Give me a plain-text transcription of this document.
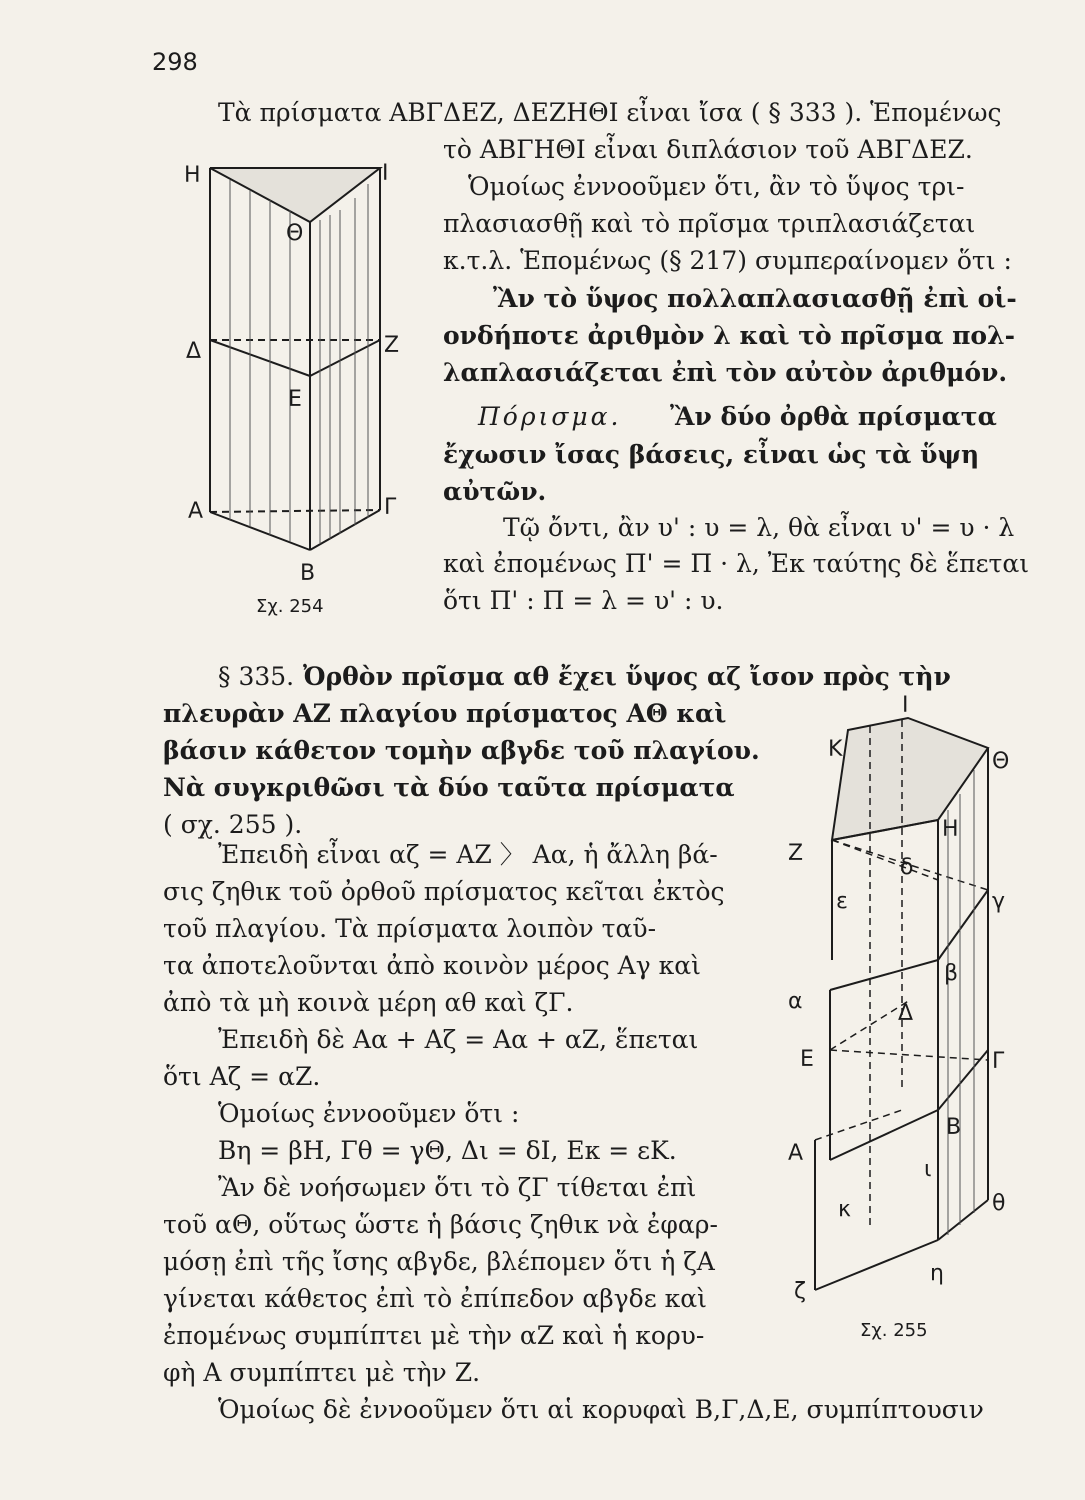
298
Τὰ πρίσματα ΑΒΓΔΕΖ, ΔΕΖΗΘΙ εἶναι ἴσα ( § 333 ). Ἑπομένως
τὸ ΑΒΓΗΘΙ εἶναι διπλάσιον τοῦ ΑΒΓΔΕΖ.
Ὁμοίως ἐννοοῦμεν ὅτι, ἂν τὸ ὕψος τρι-
πλασιασθῇ καὶ τὸ πρῖσμα τριπλασιάζεται
κ.τ.λ. Ἑπομένως (§ 217) συμπεραίνομεν ὅτι :
Ἂν τὸ ὕψος πολλαπλασιασθῇ ἐπὶ οἱ-
ονδήποτε ἀριθμὸν λ καὶ τὸ πρῖσμα πολ-
λαπλασιάζεται ἐπὶ τὸν αὐτὸν ἀριθμόν.
Πόρισμα. Ἂν δύο ὀρθὰ πρίσματα
ἔχωσιν ἴσας βάσεις, εἶναι ὡς τὰ ὕψη
αὐτῶν.
Τῷ ὄντι, ἂν υ' : υ = λ, θὰ εἶναι υ' = υ · λ
καὶ ἐπομένως Π' = Π · λ, Ἐκ ταύτης δὲ ἕπεται
ὅτι Π' : Π = λ = υ' : υ.
Η	Ι
Θ
Δ	Ζ
Ε
Α	Γ
Β
Σχ. 254
§ 335. Ὀρθὸν πρῖσμα αθ ἔχει ὕψος αζ ἴσον πρὸς τὴν
πλευρὰν ΑΖ πλαγίου πρίσματος ΑΘ καὶ
βάσιν κάθετον τομὴν αβγδε τοῦ πλαγίου.
Νὰ συγκριθῶσι τὰ δύο ταῦτα πρίσματα
( σχ. 255 ).
Ἐπειδὴ εἶναι αζ = ΑΖ 〉 Αα, ἡ ἄλλη βά-
σις ζηθικ τοῦ ὀρθοῦ πρίσματος κεῖται ἐκτὸς
τοῦ πλαγίου. Τὰ πρίσματα λοιπὸν ταῦ-
τα ἀποτελοῦνται ἀπὸ κοινὸν μέρος Αγ καὶ
ἀπὸ τὰ μὴ κοινὰ μέρη αθ καὶ ζΓ.
Ἐπειδὴ δὲ Αα + Αζ = Αα + αΖ, ἕπεται
ὅτι Αζ = αΖ.
Ὁμοίως ἐννοοῦμεν ὅτι :
Βη = βΗ, Γθ = γΘ, Δι = δΙ, Εκ = εΚ.
Ἂν δὲ νοήσωμεν ὅτι τὸ ζΓ τίθεται ἐπὶ
τοῦ αΘ, οὕτως ὥστε ἡ βάσις ζηθικ νὰ ἐφαρ-
μόσῃ ἐπὶ τῆς ἴσης αβγδε, βλέπομεν ὅτι ἡ ζΑ
γίνεται κάθετος ἐπὶ τὸ ἐπίπεδον αβγδε καὶ
ἐπομένως συμπίπτει μὲ τὴν αΖ καὶ ἡ κορυ-
φὴ Α συμπίπτει μὲ τὴν Ζ.
Ὁμοίως δὲ ἐννοοῦμεν ὅτι αἱ κορυφαὶ Β,Γ,Δ,Ε, συμπίπτουσιν
Ι
Κ	Θ
Η
Ζ
δ
ε	γ
β
α	Δ
Ε	Γ
Β
Α
ι
κ	θ
η
ζ
Σχ. 255
